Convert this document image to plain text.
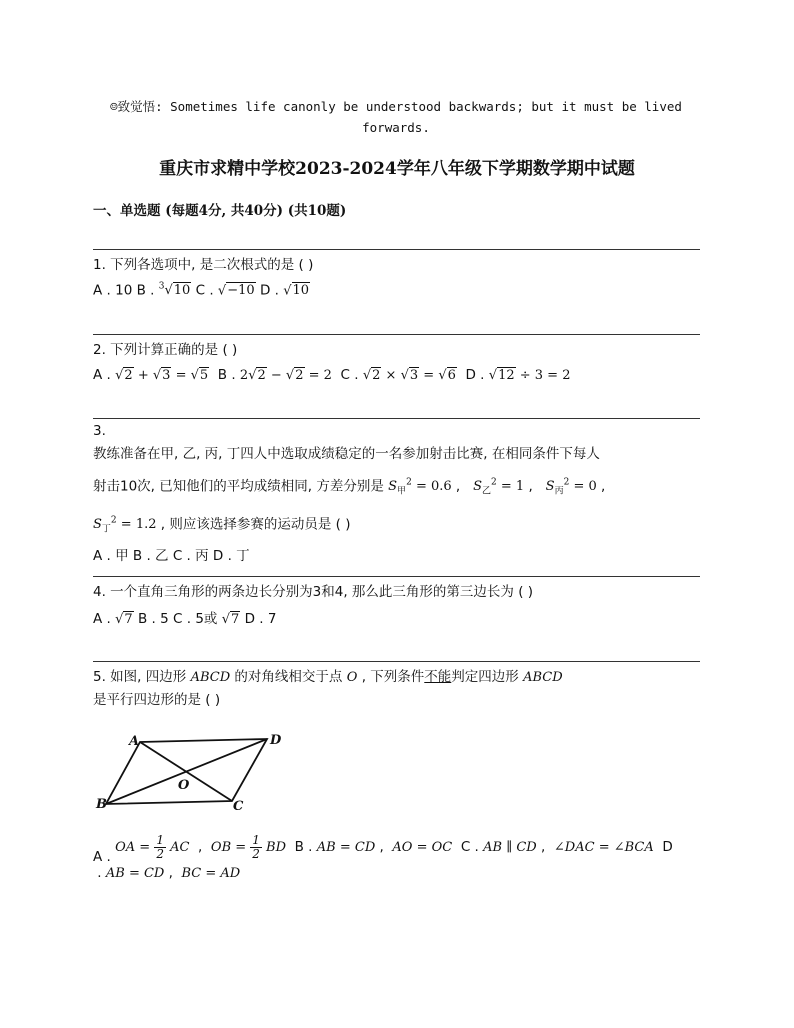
☺致觉悟: Sometimes life canonly be understood backwards; but it must be lived
forwards.
重庆市求精中学校2023-2024学年八年级下学期数学期中试题
一、单选题 (每题4分, 共40分) (共10题)
1. 下列各选项中, 是二次根式的是 ( )
A . 10 B . $^3$√10 C . √−10 D . √10
2. 下列计算正确的是 ( )
A . √2 + √3 = √5 B . 2√2 − √2 = 2 C . √2 × √3 = √6 D . √12 ÷ 3 = 2
3.
教练准备在甲, 乙, 丙, 丁四人中选取成绩稳定的一名参加射击比赛, 在相同条件下每人
射击10次, 已知他们的平均成绩相同, 方差分别是 $S_甲^2 = 0.6$ ,   $S_乙^2 = 1$ ,   $S_丙^2 = 0$ ,
$S_丁^2 = 1.2$ , 则应该选择参赛的运动员是 ( )
A . 甲 B . 乙 C . 丙 D . 丁
4. 一个直角三角形的两条边长分别为3和4, 那么此三角形的第三边长为 ( )
A . √7 B . 5 C . 5或 √7 D . 7
5. 如图, 四边形 ABCD 的对角线相交于点 O , 下列条件不能判定四边形 ABCD
是平行四边形的是 ( )
A	D
B	C
O
A . OA = $\frac{1}{2}$ AC  ,  OB = $\frac{1}{2}$ BD B . AB = CD ,  AO = OC C . AB ∥ CD ,  ∠DAC = ∠BCA D
. AB = CD ,  BC = AD
